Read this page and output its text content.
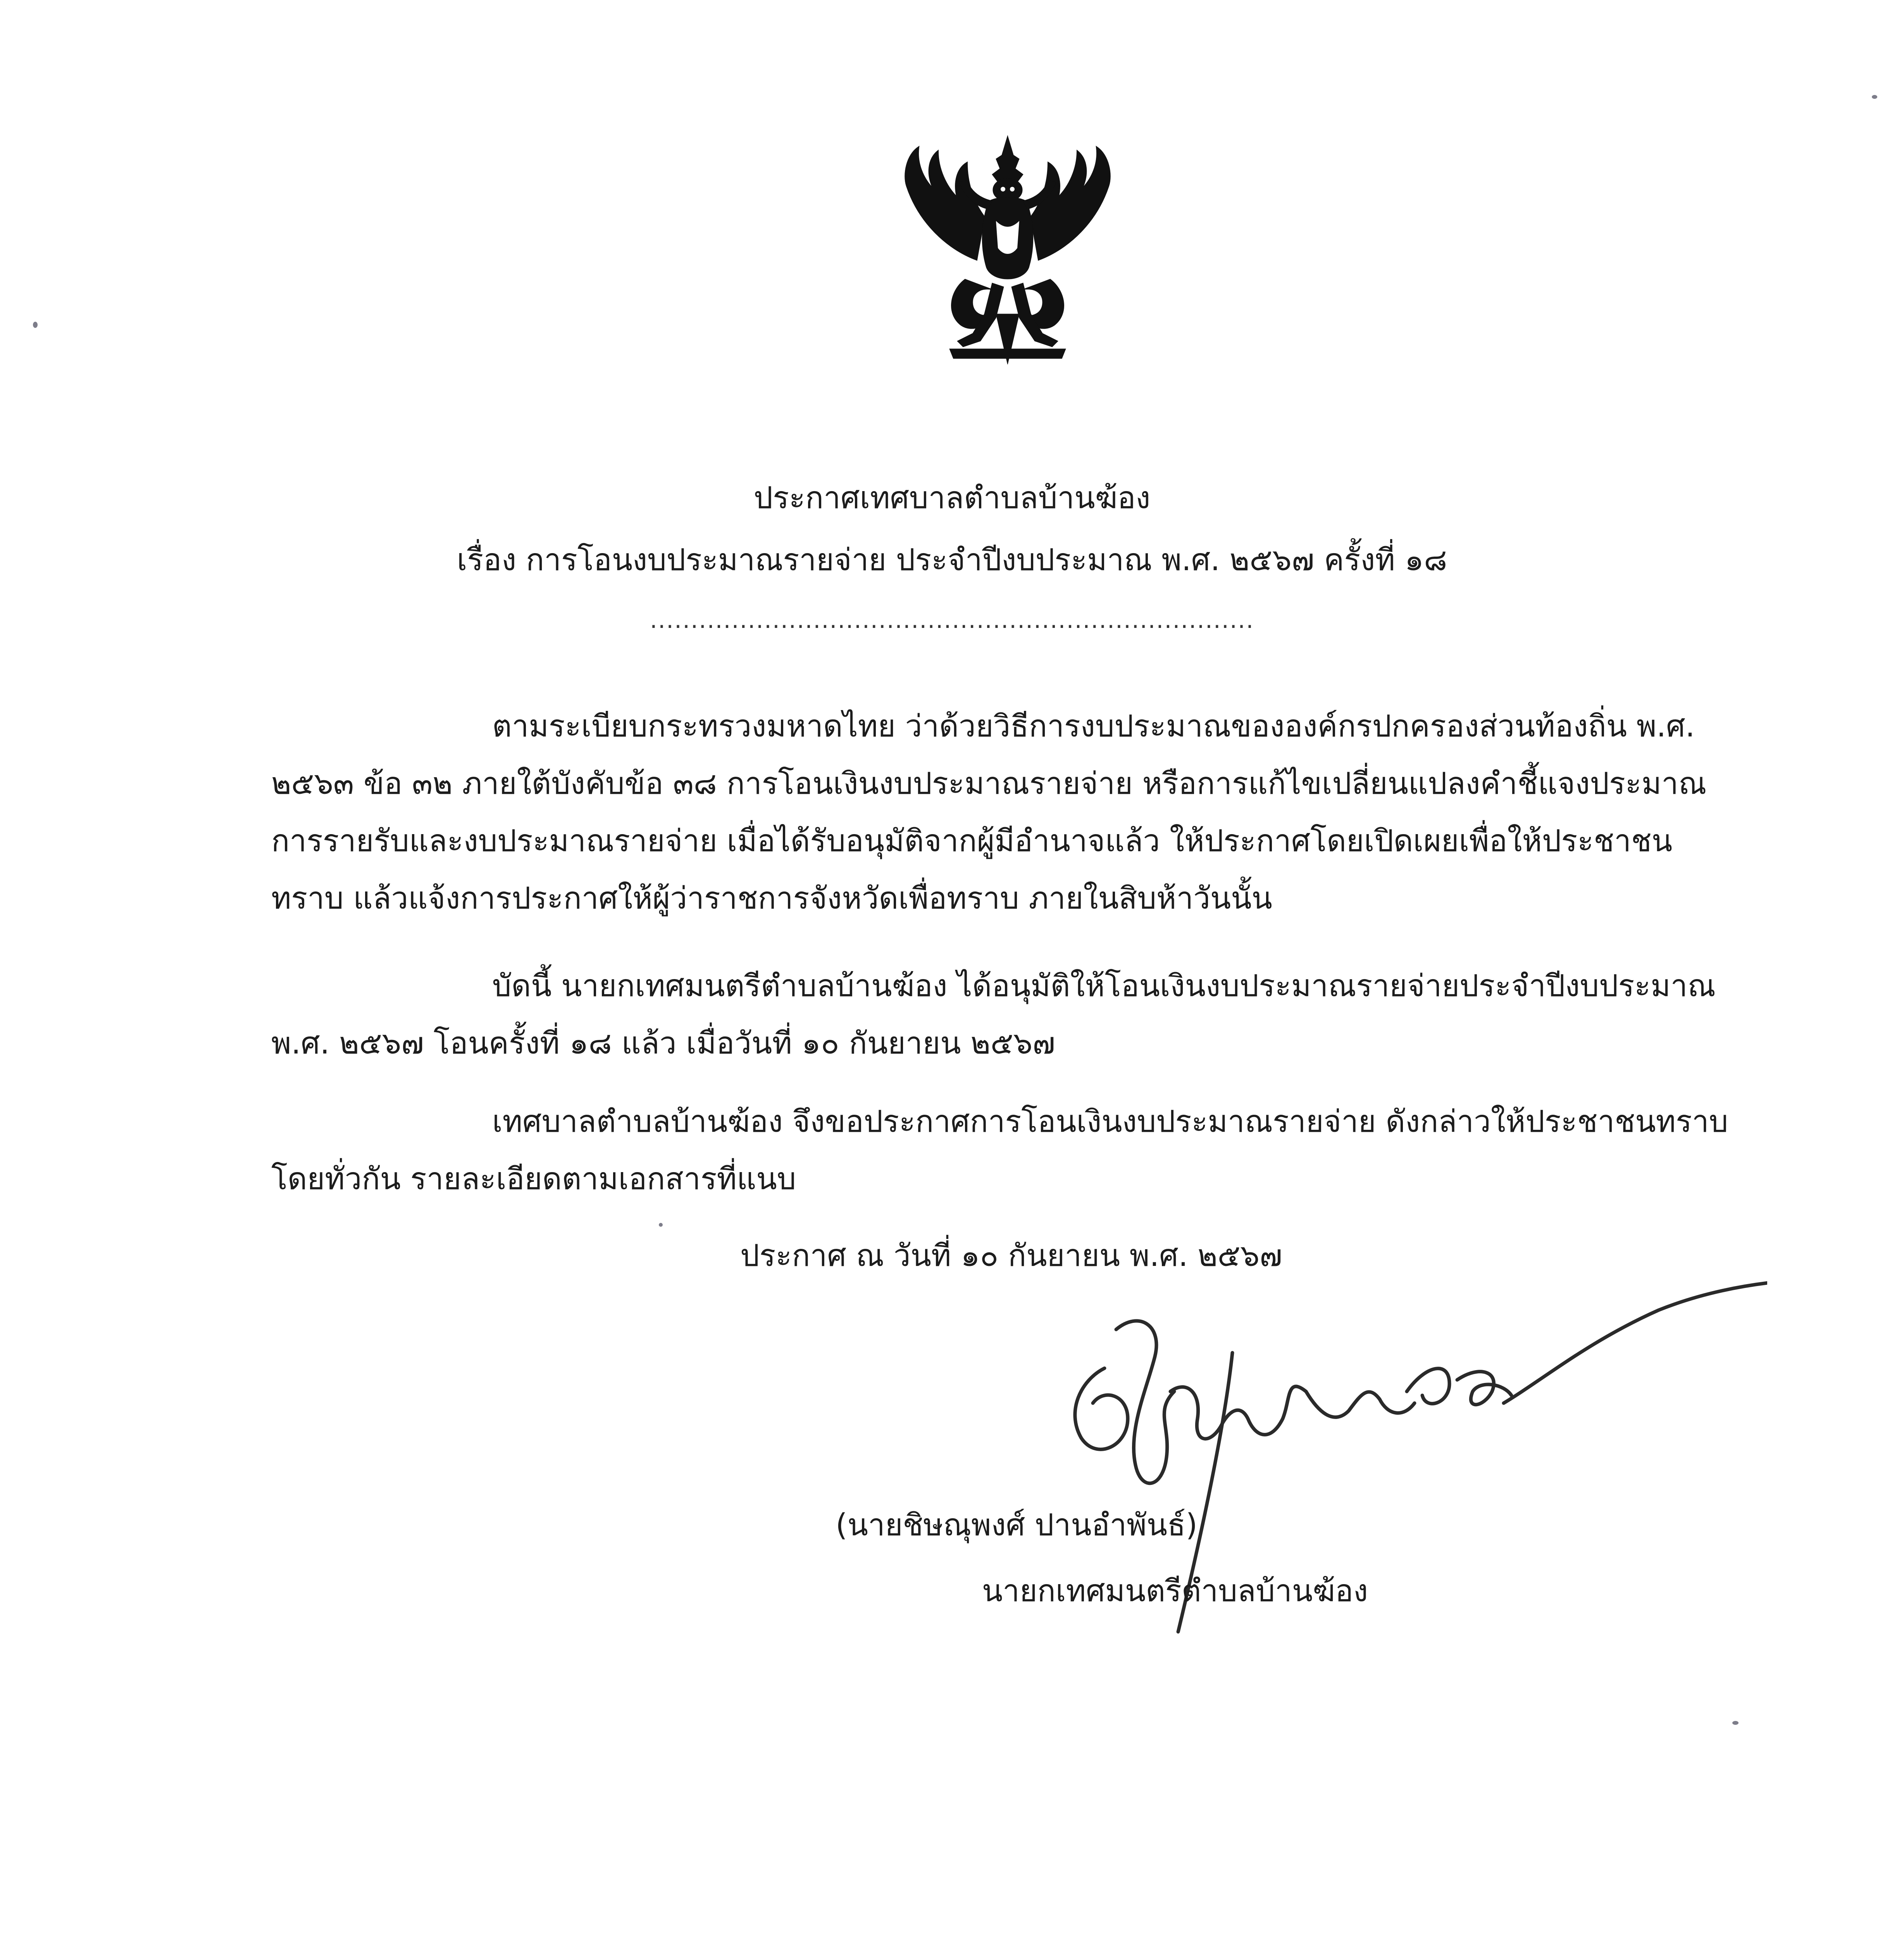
ประกาศเทศบาลตำบลบ้านฆ้อง
เรื่อง การโอนงบประมาณรายจ่าย ประจำปีงบประมาณ พ.ศ. ๒๕๖๗ ครั้งที่ ๑๘
..........................................................................
ตามระเบียบกระทรวงมหาดไทย ว่าด้วยวิธีการงบประมาณขององค์กรปกครองส่วนท้องถิ่น พ.ศ. ๒๕๖๓ ข้อ ๓๒ ภายใต้บังคับข้อ ๓๘ การโอนเงินงบประมาณรายจ่าย หรือการแก้ไขเปลี่ยนแปลงคำชี้แจงประมาณการรายรับและงบประมาณรายจ่าย เมื่อได้รับอนุมัติจากผู้มีอำนาจแล้ว ให้ประกาศโดยเปิดเผยเพื่อให้ประชาชนทราบ แล้วแจ้งการประกาศให้ผู้ว่าราชการจังหวัดเพื่อทราบ ภายในสิบห้าวันนั้น
บัดนี้ นายกเทศมนตรีตำบลบ้านฆ้อง ได้อนุมัติให้โอนเงินงบประมาณรายจ่ายประจำปีงบประมาณ พ.ศ. ๒๕๖๗ โอนครั้งที่ ๑๘ แล้ว เมื่อวันที่ ๑๐ กันยายน ๒๕๖๗
เทศบาลตำบลบ้านฆ้อง จึงขอประกาศการโอนเงินงบประมาณรายจ่าย ดังกล่าวให้ประชาชนทราบโดยทั่วกัน รายละเอียดตามเอกสารที่แนบ
ประกาศ ณ วันที่ ๑๐ กันยายน พ.ศ. ๒๕๖๗
(นายชิษณุพงศ์ ปานอำพันธ์)
นายกเทศมนตรีตำบลบ้านฆ้อง
